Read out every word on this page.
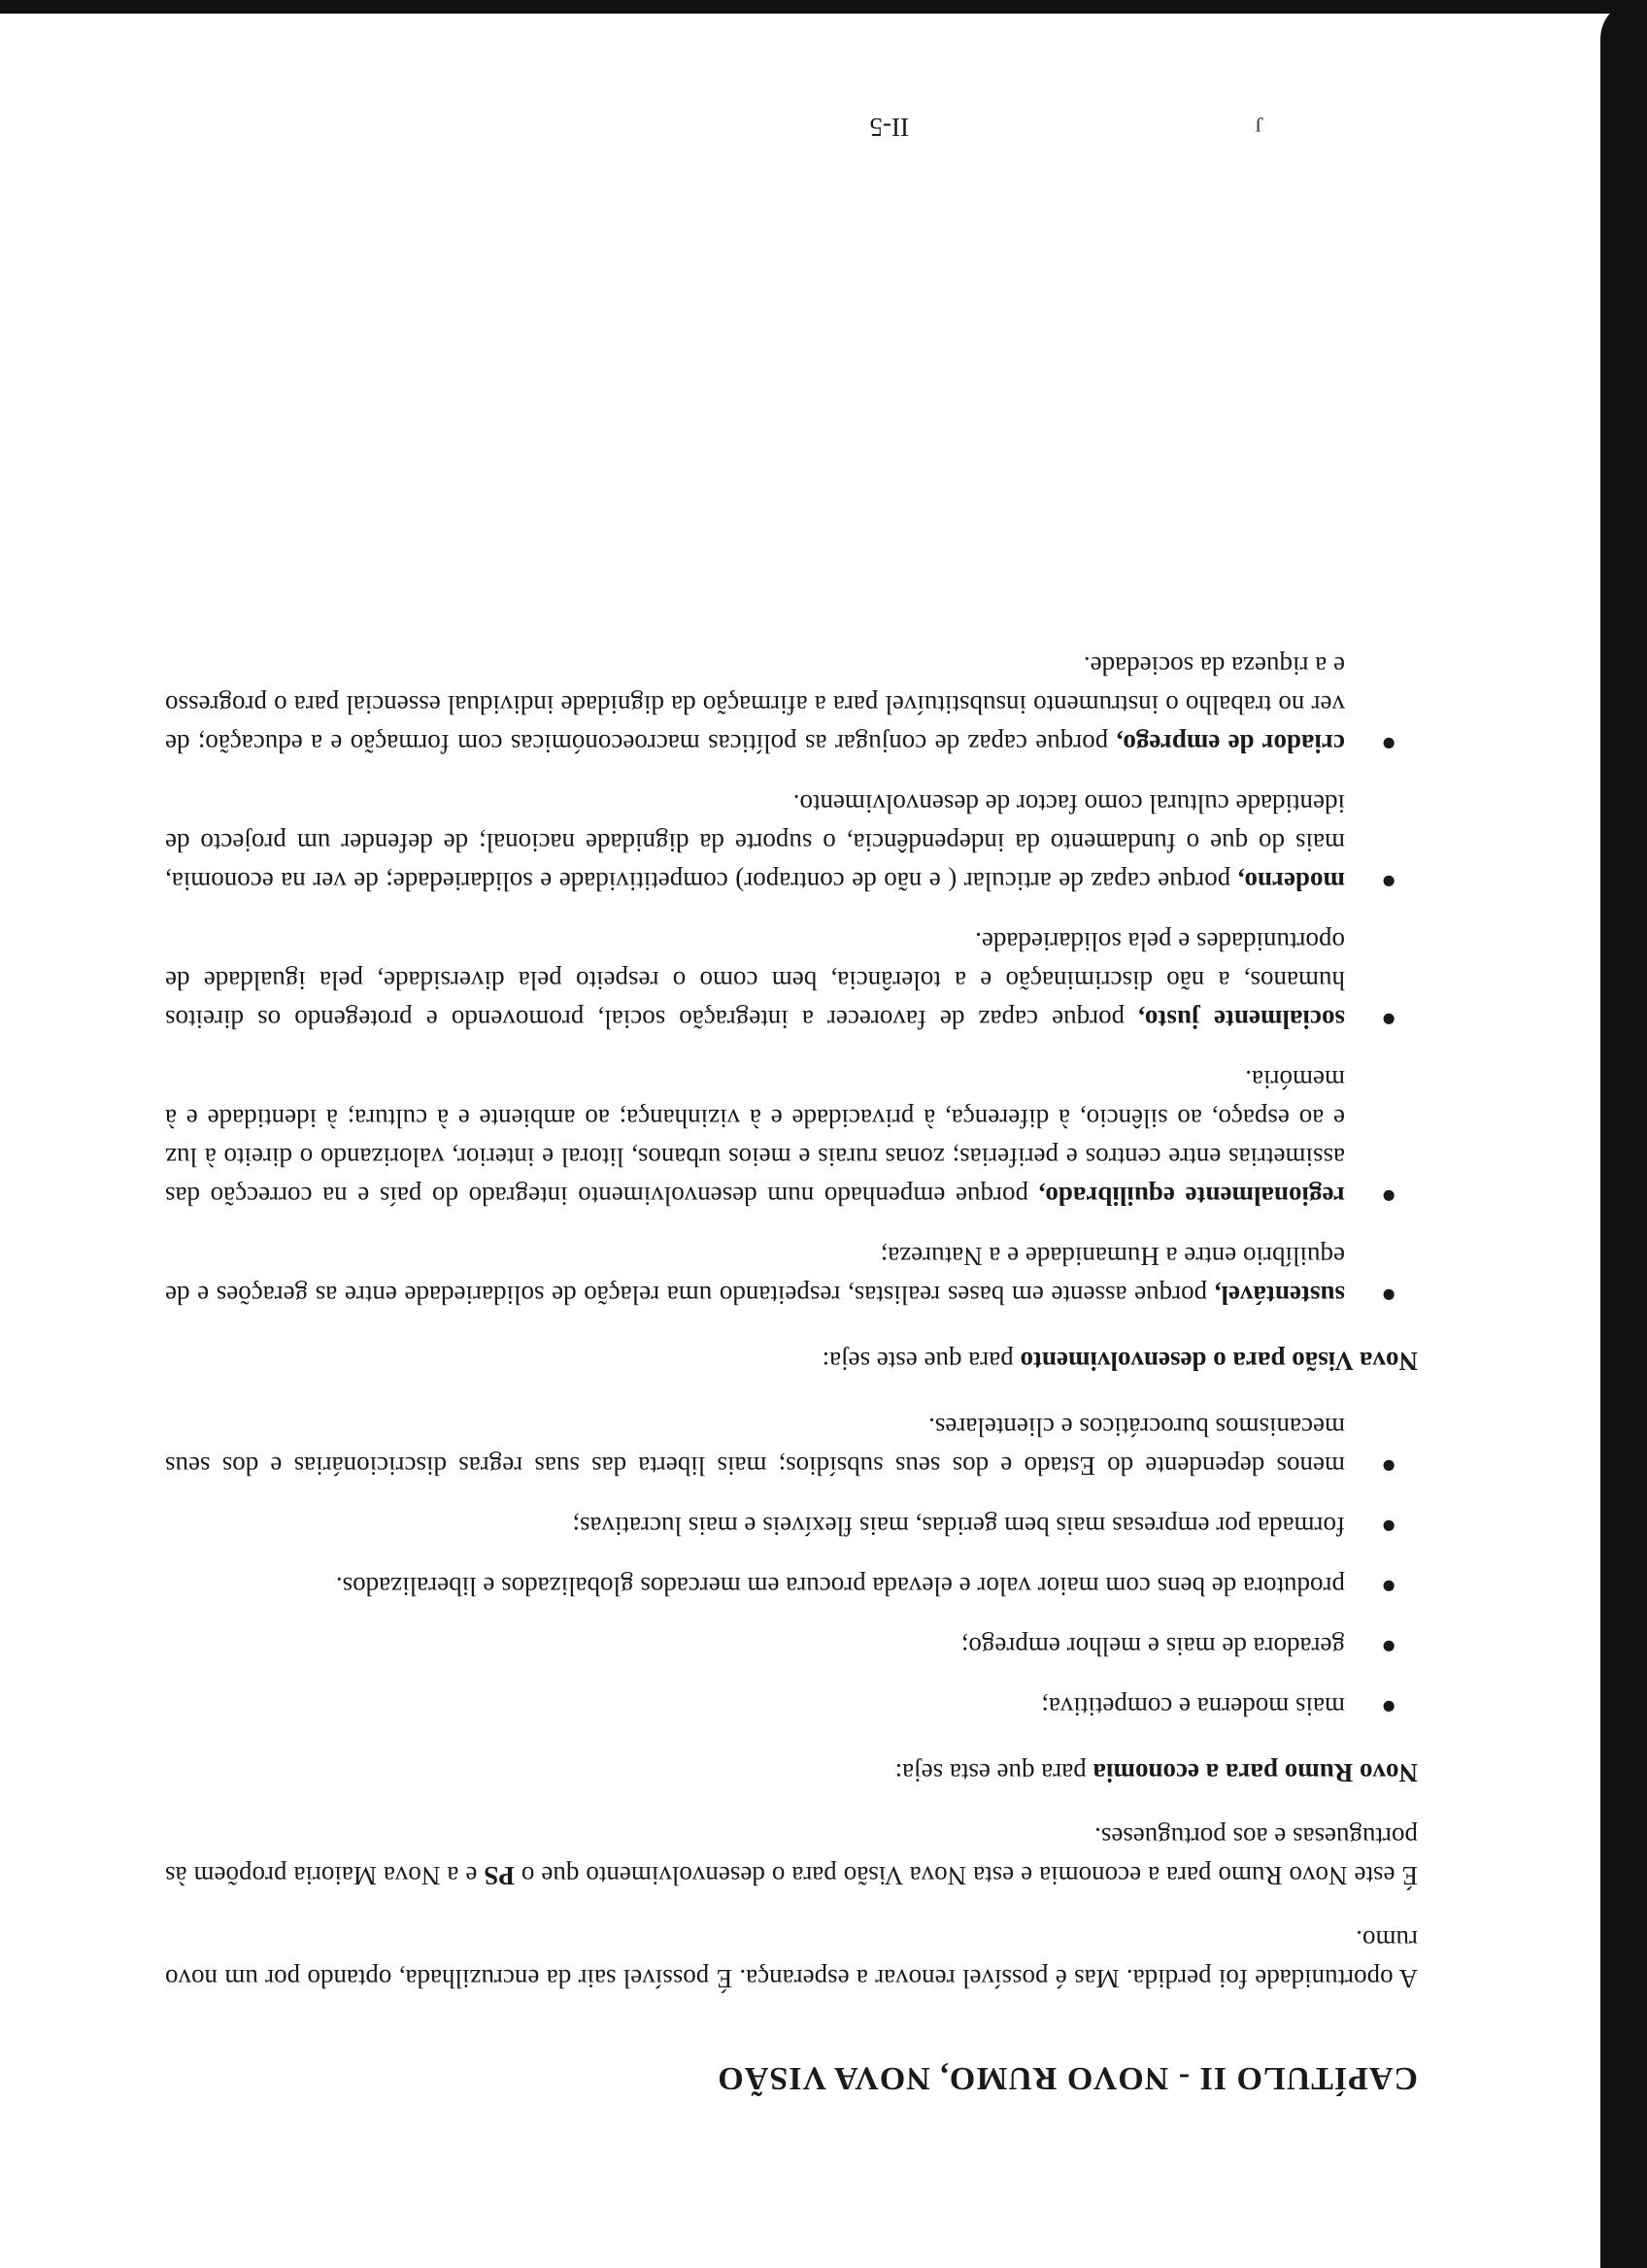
II-5	J
CAPÍTULO II - NOVO RUMO, NOVA VISÃO

A oportunidade foi perdida. Mas é possível renovar a esperança. É possível sair da encruzilhada, optando por um novo rumo.

É este Novo Rumo para a economia e esta Nova Visão para o desenvolvimento que o PS e a Nova Maioria propõem às portuguesas e aos portugueses.

Novo Rumo para a economia para que esta seja:
●
mais moderna e competitiva;
●
geradora de mais e melhor emprego;
●
produtora de bens com maior valor e elevada procura em mercados globalizados e liberalizados.
●
formada por empresas mais bem geridas, mais flexíveis e mais lucrativas;
●
menos dependente do Estado e dos seus subsídios; mais liberta das suas regras discricionárias e dos seus mecanismos burocráticos e clientelares.
Nova Visão para o desenvolvimento para que este seja:
●
sustentável, porque assente em bases realistas, respeitando uma relação de solidariedade entre as gerações e de equilíbrio entre a Humanidade e a Natureza;
●
regionalmente equilibrado, porque empenhado num desenvolvimento integrado do país e na correcção das assimetrias entre centros e periferias; zonas rurais e meios urbanos, litoral e interior, valorizando o direito à luz e ao espaço, ao silêncio, à diferença, à privacidade e à vizinhança; ao ambiente e à cultura; à identidade e à memória.
●
socialmente justo, porque capaz de favorecer a integração social, promovendo e protegendo os direitos humanos, a não discriminação e a tolerância, bem como o respeito pela diversidade, pela igualdade de oportunidades e pela solidariedade.
●
moderno, porque capaz de articular ( e não de contrapor) competitividade e solidariedade; de ver na economia, mais do que o fundamento da independência, o suporte da dignidade nacional; de defender um projecto de identidade cultural como factor de desenvolvimento.
●
criador de emprego, porque capaz de conjugar as políticas macroeconómicas com formação e a educação; de ver no trabalho o instrumento insubstituível para a afirmação da dignidade individual essencial para o progresso e a riqueza da sociedade.
